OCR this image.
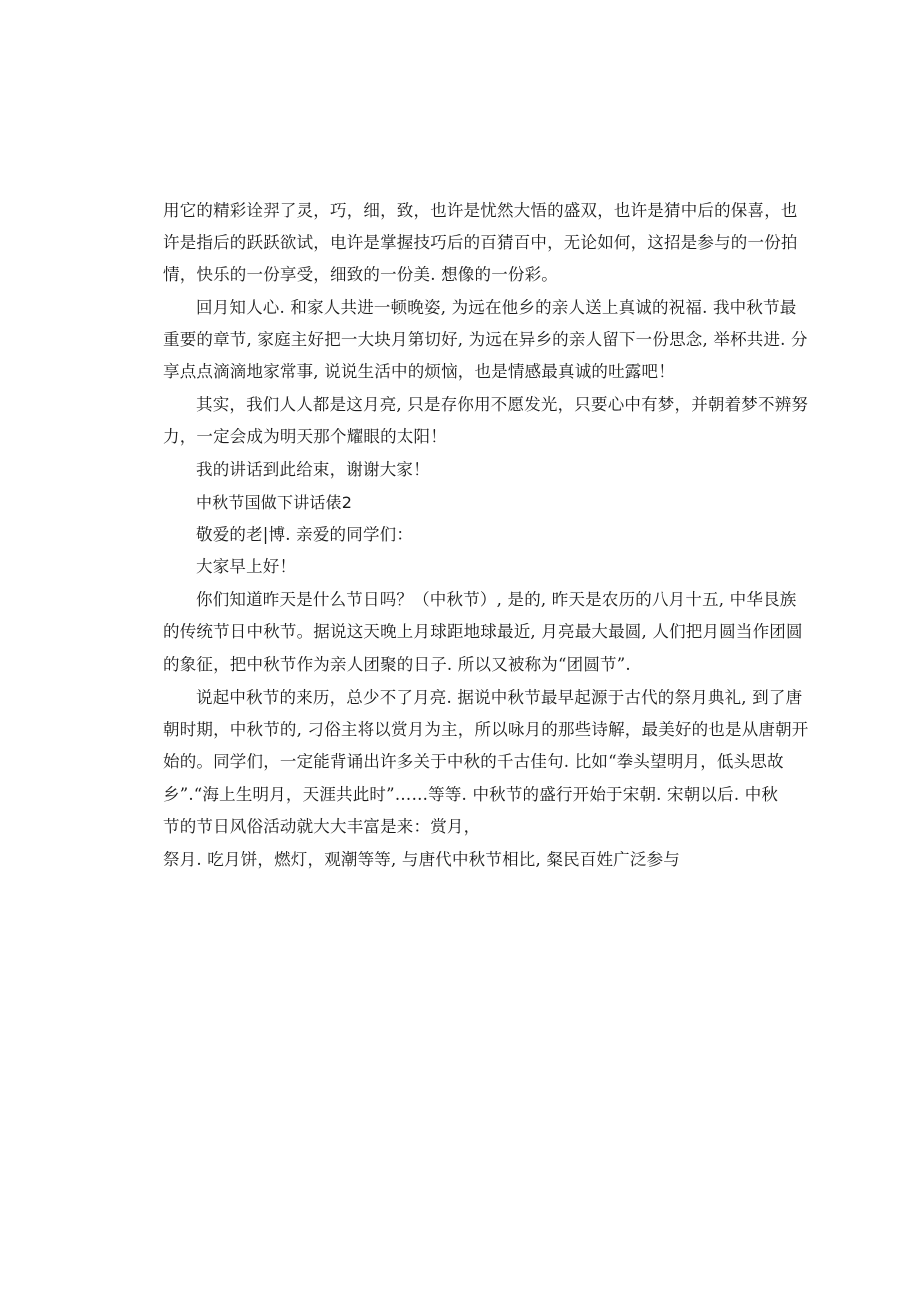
用它的精彩诠羿了灵，巧，细，致，也许是忧然大悟的盛双，也许是猜中后的保喜，也
许是指后的跃跃欲试，电许是掌握技巧后的百猜百中，无论如何，这招是参与的一份拍
情，快乐的一份享受，细致的一份美. 想像的一份彩。
回月知人心. 和家人共进一顿晚姿, 为远在他乡的亲人送上真诚的祝福. 我中秋节最
重要的章节, 家庭主好把一大块月第切好, 为远在异乡的亲人留下一份思念, 举杯共进. 分
享点点滴滴地家常事, 说说生活中的烦恼，也是情感最真诚的吐露吧！
其实，我们人人都是这月亮, 只是存你用不愿发光，只要心中有梦，并朝着梦不辨努
力，一定会成为明天那个耀眼的太阳！
我的讲话到此给束，谢谢大家！
中秋节国做下讲话俵2
敬爱的老|博. 亲爱的同学们：
大家早上好！
你们知道昨天是什么节日吗？（中秋节）, 是的, 昨天是农历的八月十五, 中华艮族
的传统节日中秋节。据说这天晚上月球距地球最近, 月亮最大最圆, 人们把月圆当作团圆
的象征，把中秋节作为亲人团聚的日子. 所以又被称为“团圆节”.
说起中秋节的来历，总少不了月亮. 据说中秋节最早起源于古代的祭月典礼, 到了唐
朝时期，中秋节的, 刁俗主将以赏月为主，所以咏月的那些诗解，最美好的也是从唐朝开
始的。同学们，一定能背诵出许多关于中秋的千古佳句. 比如“拳头望明月，低头思故
乡”.“海上生明月，天涯共此时”……等等. 中秋节的盛行开始于宋朝. 宋朝以后. 中秋
节的节日风俗活动就大大丰富是来：赏月，
祭月. 吃月饼，燃灯，观潮等等, 与唐代中秋节相比, 粲民百姓广泛参与
